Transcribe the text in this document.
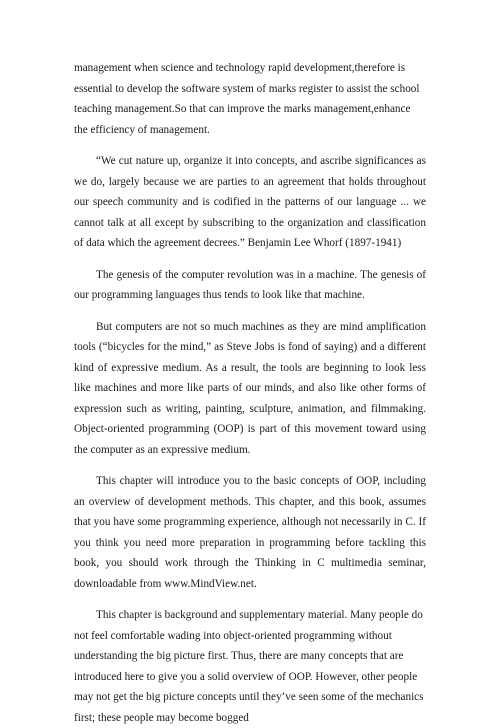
management when science and technology rapid development,therefore is essential to develop the software system of marks register to assist the school teaching management.So that can improve the marks management,enhance the efficiency of management.

“We cut nature up, organize it into concepts, and ascribe significances as we do, largely because we are parties to an agreement that holds throughout our speech community and is codified in the patterns of our language ... we cannot talk at all except by subscribing to the organization and classification of data which the agreement decrees.” Benjamin Lee Whorf (1897-1941)

The genesis of the computer revolution was in a machine. The genesis of our programming languages thus tends to look like that machine.

But computers are not so much machines as they are mind amplification tools (“bicycles for the mind,” as Steve Jobs is fond of saying) and a different kind of expressive medium. As a result, the tools are beginning to look less like machines and more like parts of our minds, and also like other forms of expression such as writing, painting, sculpture, animation, and filmmaking. Object-oriented programming (OOP) is part of this movement toward using the computer as an expressive medium.

This chapter will introduce you to the basic concepts of OOP, including an overview of development methods. This chapter, and this book, assumes that you have some programming experience, although not necessarily in C. If you think you need more preparation in programming before tackling this book, you should work through the Thinking in C multimedia seminar, downloadable from www.MindView.net.

This chapter is background and supplementary material. Many people do not feel comfortable wading into object-oriented programming without understanding the big picture first. Thus, there are many concepts that are introduced here to give you a solid overview of OOP. However, other people may not get the big picture concepts until they’ve seen some of the mechanics first; these people may become bogged
